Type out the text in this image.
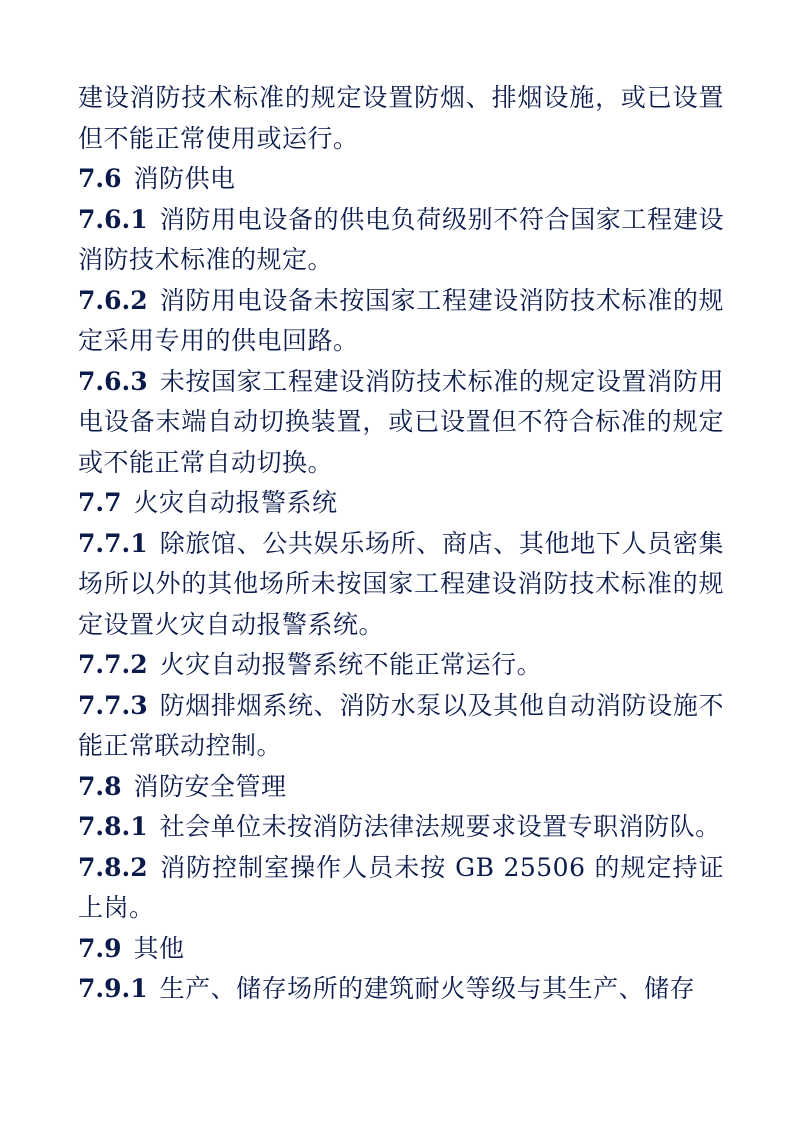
建设消防技术标准的规定设置防烟、排烟设施，或已设置但不能正常使用或运行。

7.6 消防供电

7.6.1 消防用电设备的供电负荷级别不符合国家工程建设消防技术标准的规定。

7.6.2 消防用电设备未按国家工程建设消防技术标准的规定采用专用的供电回路。

7.6.3 未按国家工程建设消防技术标准的规定设置消防用电设备末端自动切换装置，或已设置但不符合标准的规定或不能正常自动切换。

7.7 火灾自动报警系统

7.7.1 除旅馆、公共娱乐场所、商店、其他地下人员密集场所以外的其他场所未按国家工程建设消防技术标准的规定设置火灾自动报警系统。

7.7.2 火灾自动报警系统不能正常运行。

7.7.3 防烟排烟系统、消防水泵以及其他自动消防设施不能正常联动控制。

7.8 消防安全管理

7.8.1 社会单位未按消防法律法规要求设置专职消防队。

7.8.2 消防控制室操作人员未按 GB 25506 的规定持证上岗。

7.9 其他

7.9.1 生产、储存场所的建筑耐火等级与其生产、储存
